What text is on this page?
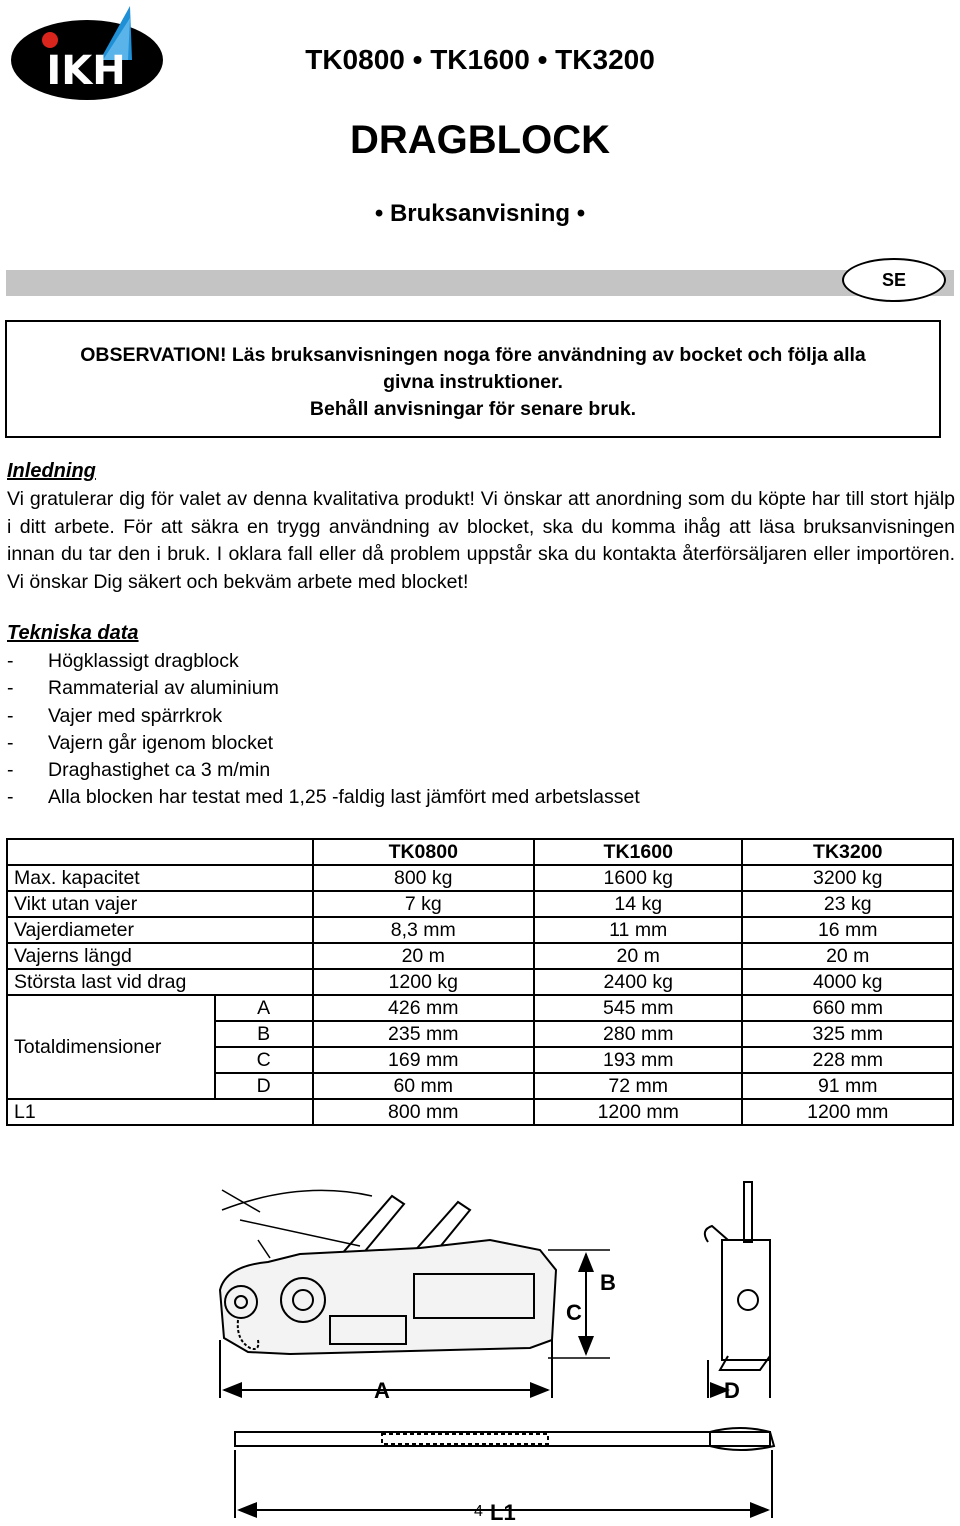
IKH	TK0800 • TK1600 • TK3200
DRAGBLOCK
• Bruksanvisning •
SE
OBSERVATION! Läs bruksanvisningen noga före användning av bocket och följa alla
givna instruktioner.
Behåll anvisningar för senare bruk.
Inledning
Vi gratulerar dig för valet av denna kvalitativa produkt! Vi önskar att anordning som du köpte har till stort hjälp i ditt arbete. För att säkra en trygg användning av blocket, ska du komma ihåg att läsa bruksanvisningen innan du tar den i bruk. I oklara fall eller då problem uppstår ska du kontakta återförsäljaren eller importören. Vi önskar Dig säkert och bekväm arbete med blocket!
Tekniska data
- Högklassigt dragblock
- Rammaterial av aluminium
- Vajer med spärrkrok
- Vajern går igenom blocket
- Draghastighet ca 3 m/min
- Alla blocken har testat med 1,25 -faldig last jämfört med arbetslasset
		TK0800	TK1600	TK3200
Max. kapacitet		800 kg	1600 kg	3200 kg
Vikt utan vajer		7 kg	14 kg	23 kg
Vajerdiameter		8,3 mm	11 mm	16 mm
Vajerns längd		20 m	20 m	20 m
Största last vid drag		1200 kg	2400 kg	4000 kg
Totaldimensioner	A	426 mm	545 mm	660 mm
	B	235 mm	280 mm	325 mm
	C	169 mm	193 mm	228 mm
	D	60 mm	72 mm	91 mm
L1		800 mm	1200 mm	1200 mm
A
B
C
D
L1
4
